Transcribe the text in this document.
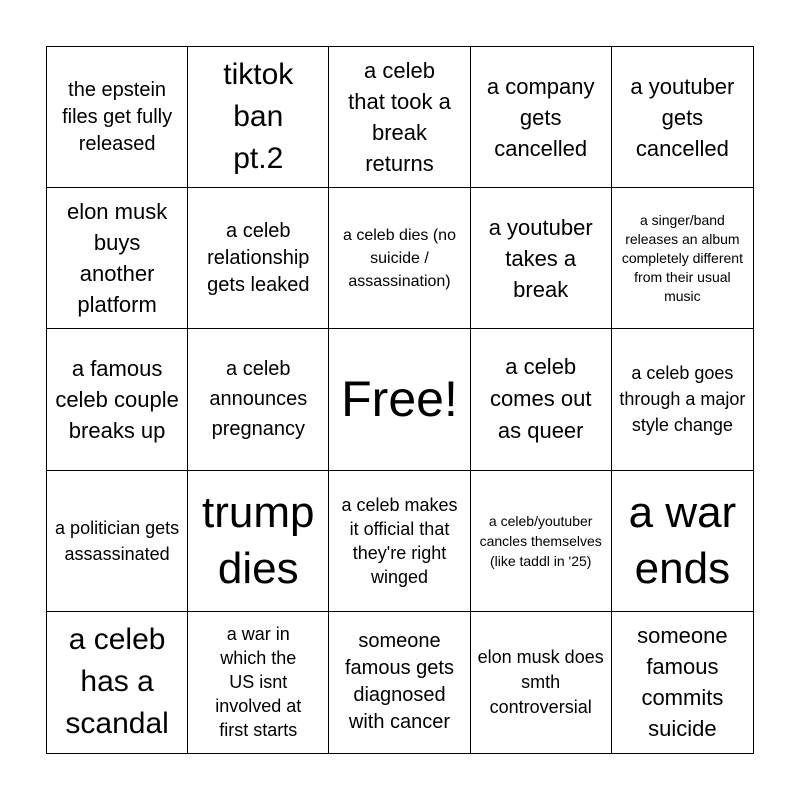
the epstein files get fully released
tiktok ban pt.2
a celeb that took a break returns
a company gets cancelled
a youtuber gets cancelled
elon musk buys another platform
a celeb relationship gets leaked
a celeb dies (no suicide / assassination)
a youtuber takes a break
a singer/band releases an album completely different from their usual music
a famous celeb couple breaks up
a celeb announces pregnancy
Free!
a celeb comes out as queer
a celeb goes through a major style change
a politician gets assassinated
trump dies
a celeb makes it official that they're right winged
a celeb/youtuber cancles themselves (like taddl in '25)
a war ends
a celeb has a scandal
a war in which the US isnt involved at first starts
someone famous gets diagnosed with cancer
elon musk does smth controversial
someone famous commits suicide
